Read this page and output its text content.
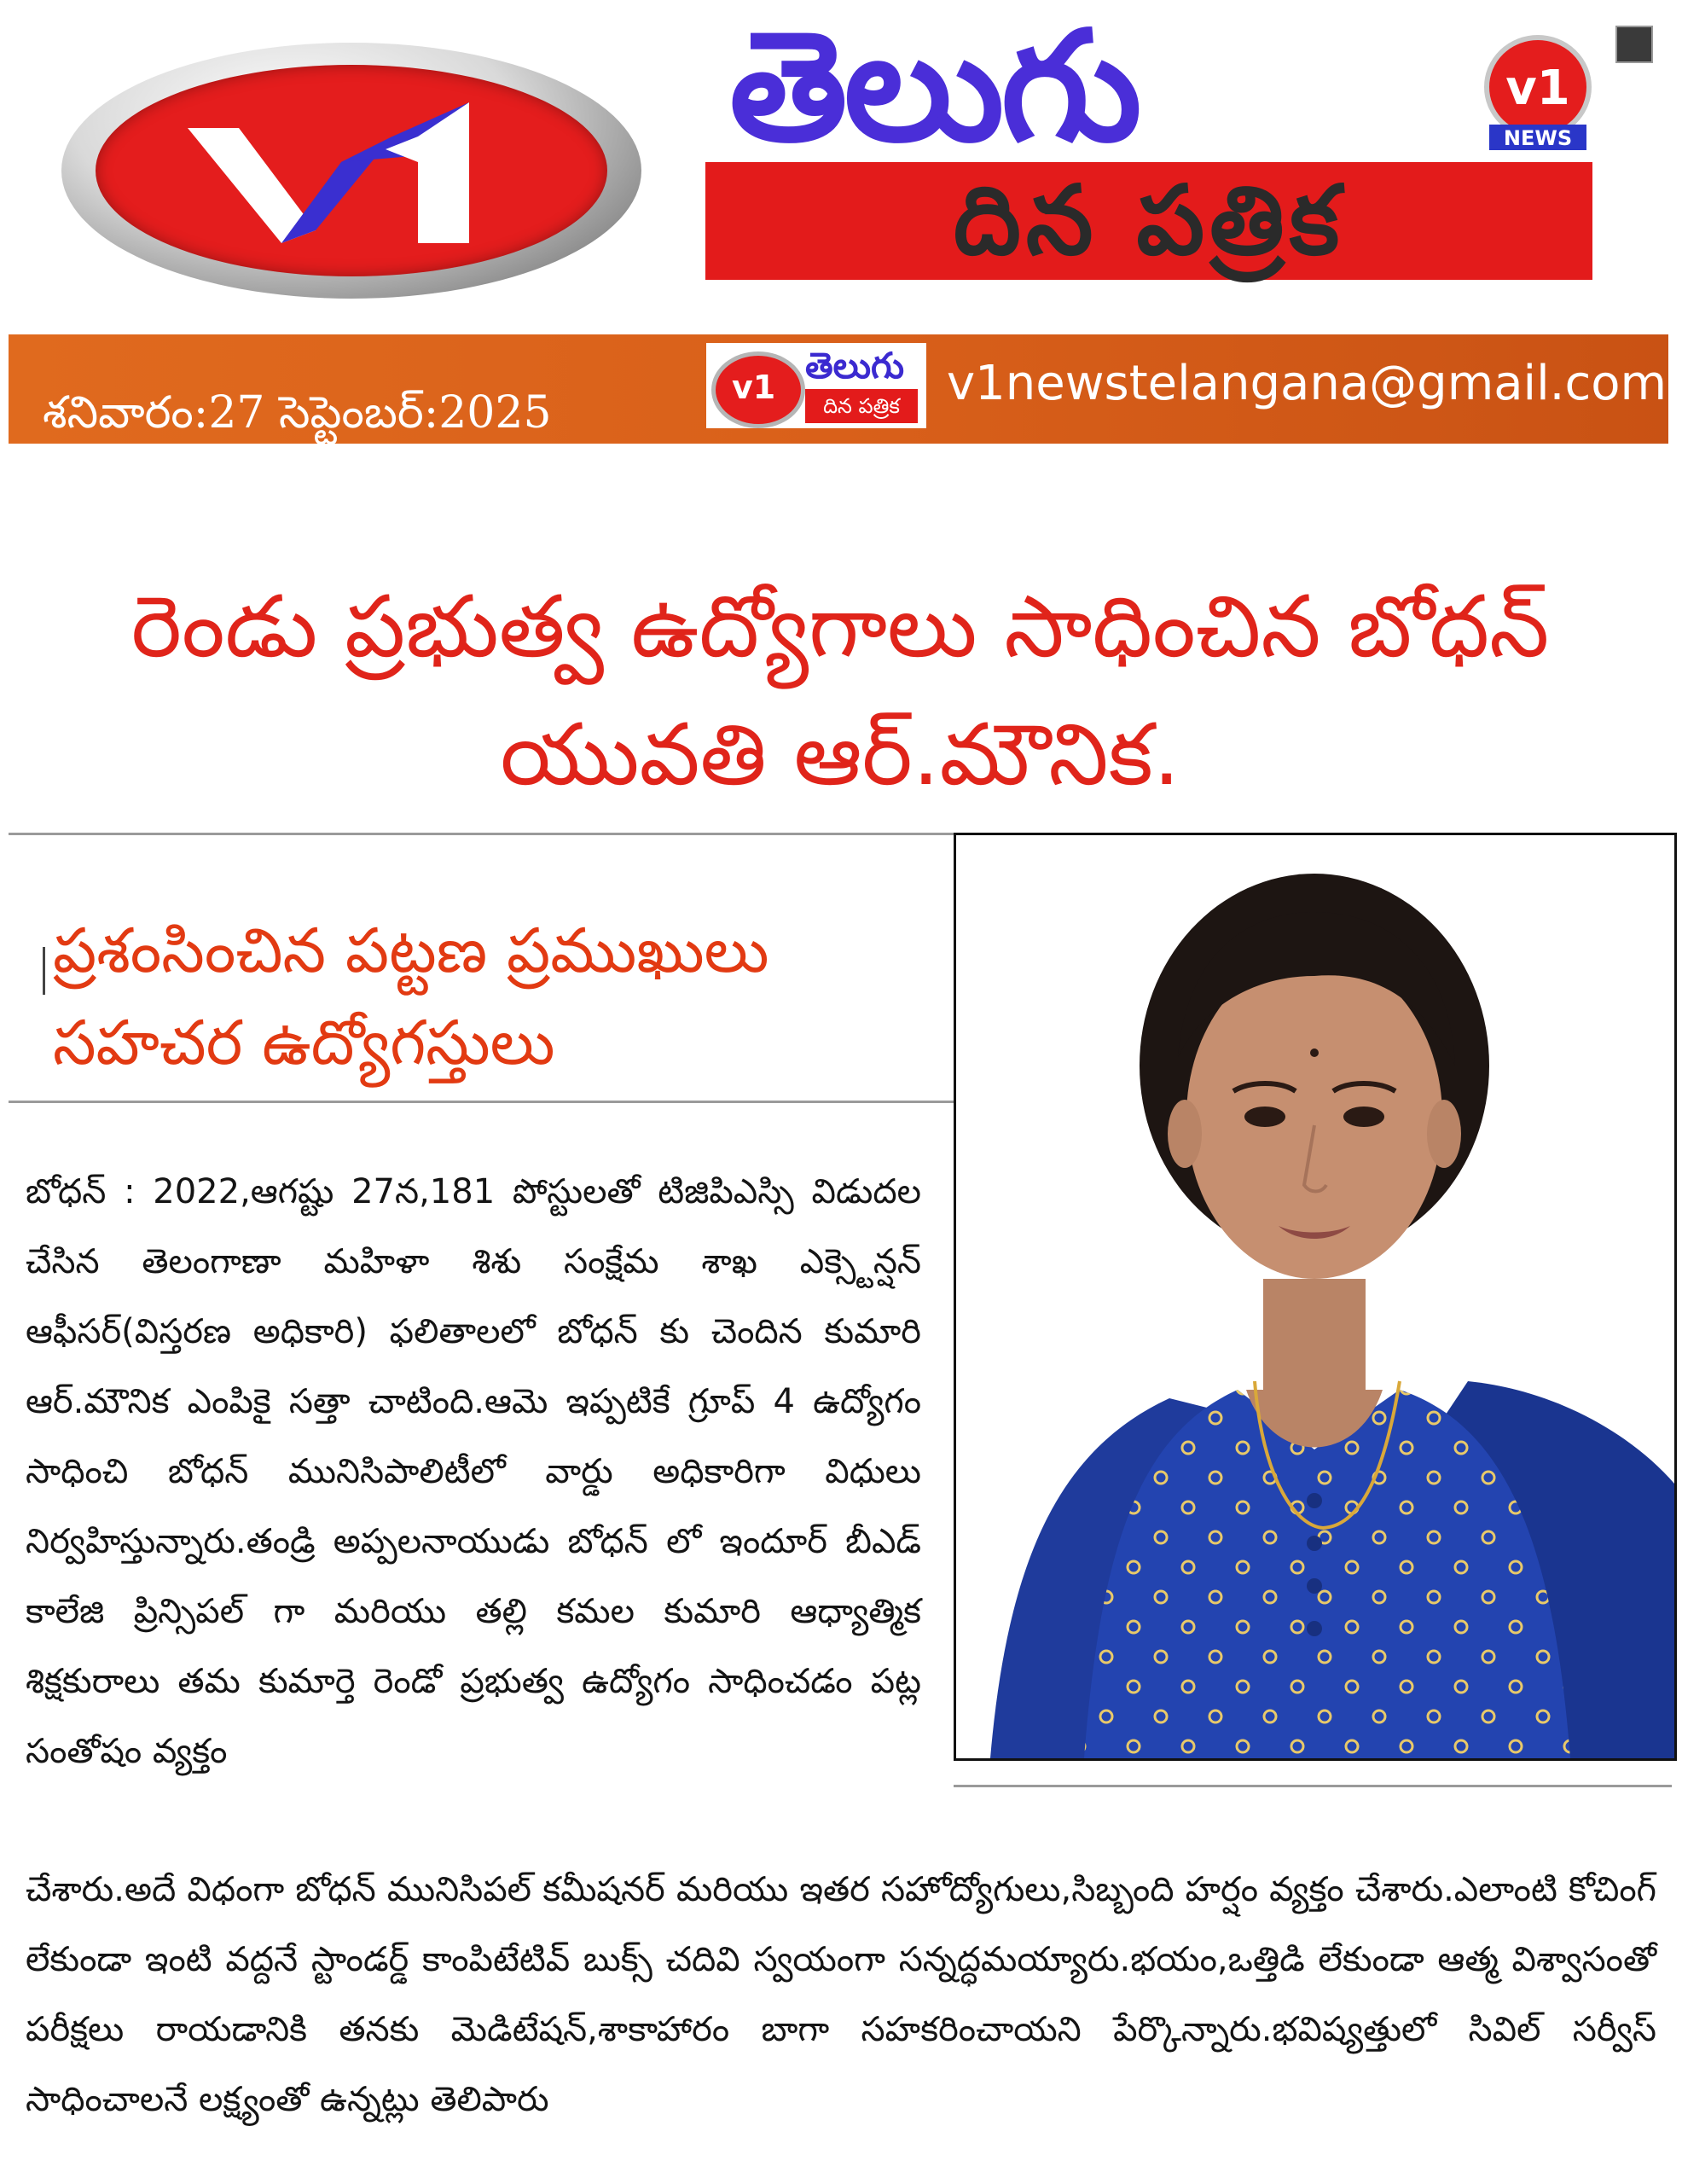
తెలుగు
దిన పత్రిక
v1
NEWS
శనివారం:27 సెప్టెంబర్:2025	v1
తెలుగు
దిన పత్రిక v1newstelangana@gmail.com
రెండు ప్రభుత్వ ఉద్యోగాలు సాధించిన బోధన్ యువతి ఆర్.మౌనిక.
ప్రశంసించిన పట్టణ ప్రముఖులు సహచర ఉద్యోగస్తులు
బోధన్ : 2022,ఆగష్టు 27న,181 పోస్టులతో టిజిపిఎస్సి విడుదల చేసిన తెలంగాణా మహిళా శిశు సంక్షేమ శాఖ ఎక్స్టెన్షన్ ఆఫీసర్(విస్తరణ అధికారి) ఫలితాలలో బోధన్ కు చెందిన కుమారి ఆర్.మౌనిక ఎంపికై సత్తా చాటింది.ఆమె ఇప్పటికే గ్రూప్ 4 ఉద్యోగం సాధించి బోధన్ మునిసిపాలిటీలో వార్డు అధికారిగా విధులు నిర్వహిస్తున్నారు.తండ్రి అప్పలనాయుడు బోధన్ లో ఇందూర్ బీఎడ్ కాలేజి ప్రిన్సిపల్ గా మరియు తల్లి కమల కుమారి ఆధ్యాత్మిక శిక్షకురాలు తమ కుమార్తె రెండో ప్రభుత్వ ఉద్యోగం సాధించడం పట్ల సంతోషం వ్యక్తం
చేశారు.అదే విధంగా బోధన్ మునిసిపల్ కమీషనర్ మరియు ఇతర సహోద్యోగులు,సిబ్బంది హర్షం వ్యక్తం చేశారు.ఎలాంటి కోచింగ్ లేకుండా ఇంటి వద్దనే స్టాండర్డ్ కాంపిటేటివ్ బుక్స్ చదివి స్వయంగా సన్నద్ధమయ్యారు.భయం,ఒత్తిడి లేకుండా ఆత్మ విశ్వాసంతో పరీక్షలు రాయడానికి తనకు మెడిటేషన్,శాకాహారం బాగా సహకరించాయని పేర్కొన్నారు.భవిష్యత్తులో సివిల్ సర్వీస్ సాధించాలనే లక్ష్యంతో ఉన్నట్లు తెలిపారు
